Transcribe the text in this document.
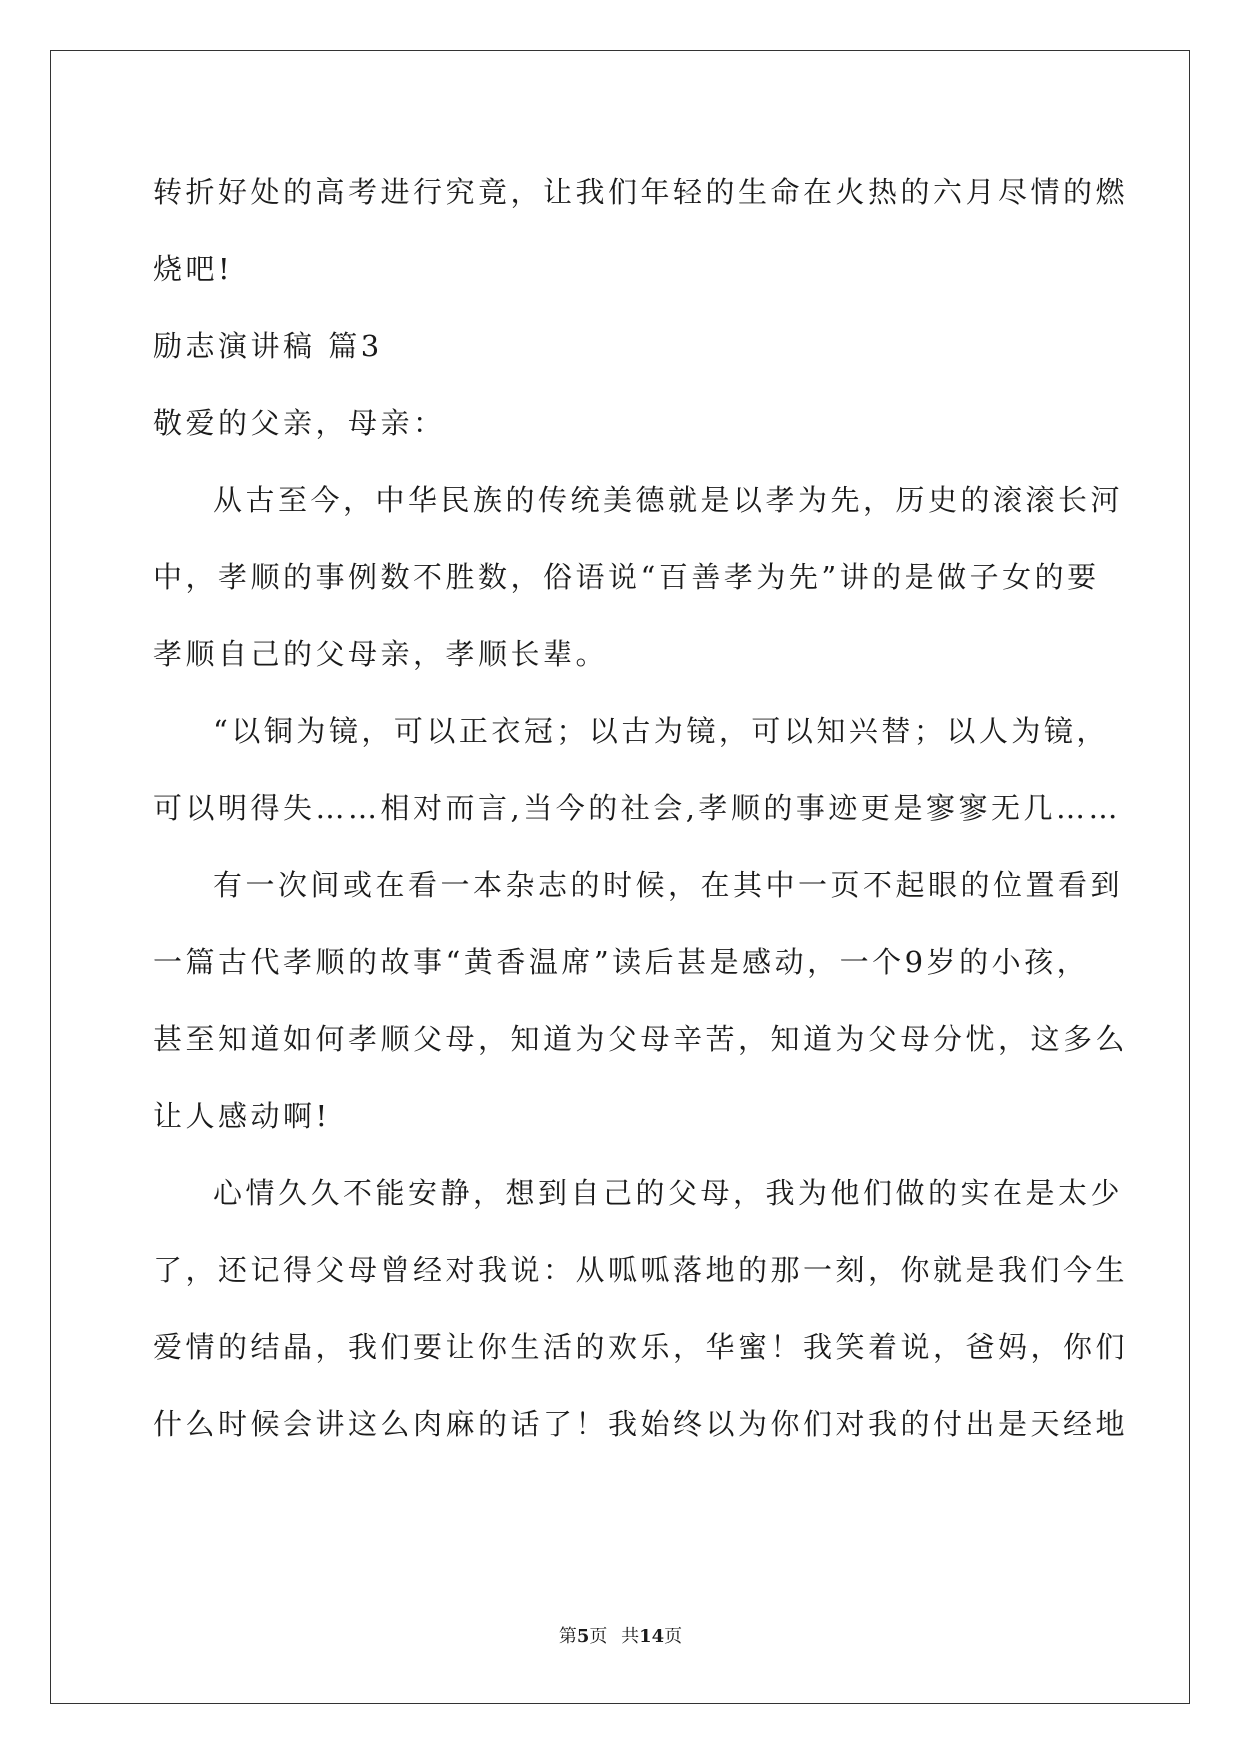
转折好处的高考进行究竟，让我们年轻的生命在火热的六月尽情的燃
烧吧!
励志演讲稿 篇3
敬爱的父亲，母亲：
从古至今，中华民族的传统美德就是以孝为先，历史的滚滚长河
中，孝顺的事例数不胜数，俗语说“百善孝为先”讲的是做子女的要
孝顺自己的父母亲，孝顺长辈。
“以铜为镜，可以正衣冠；以古为镜，可以知兴替；以人为镜，
可以明得失……相对而言,当今的社会,孝顺的事迹更是寥寥无几……
有一次间或在看一本杂志的时候，在其中一页不起眼的位置看到
一篇古代孝顺的故事“黄香温席”读后甚是感动，一个9岁的小孩，
甚至知道如何孝顺父母，知道为父母辛苦，知道为父母分忧，这多么
让人感动啊!
心情久久不能安静，想到自己的父母，我为他们做的实在是太少
了，还记得父母曾经对我说：从呱呱落地的那一刻，你就是我们今生
爱情的结晶，我们要让你生活的欢乐，华蜜！我笑着说，爸妈，你们
什么时候会讲这么肉麻的话了！我始终以为你们对我的付出是天经地
第5页 共14页
